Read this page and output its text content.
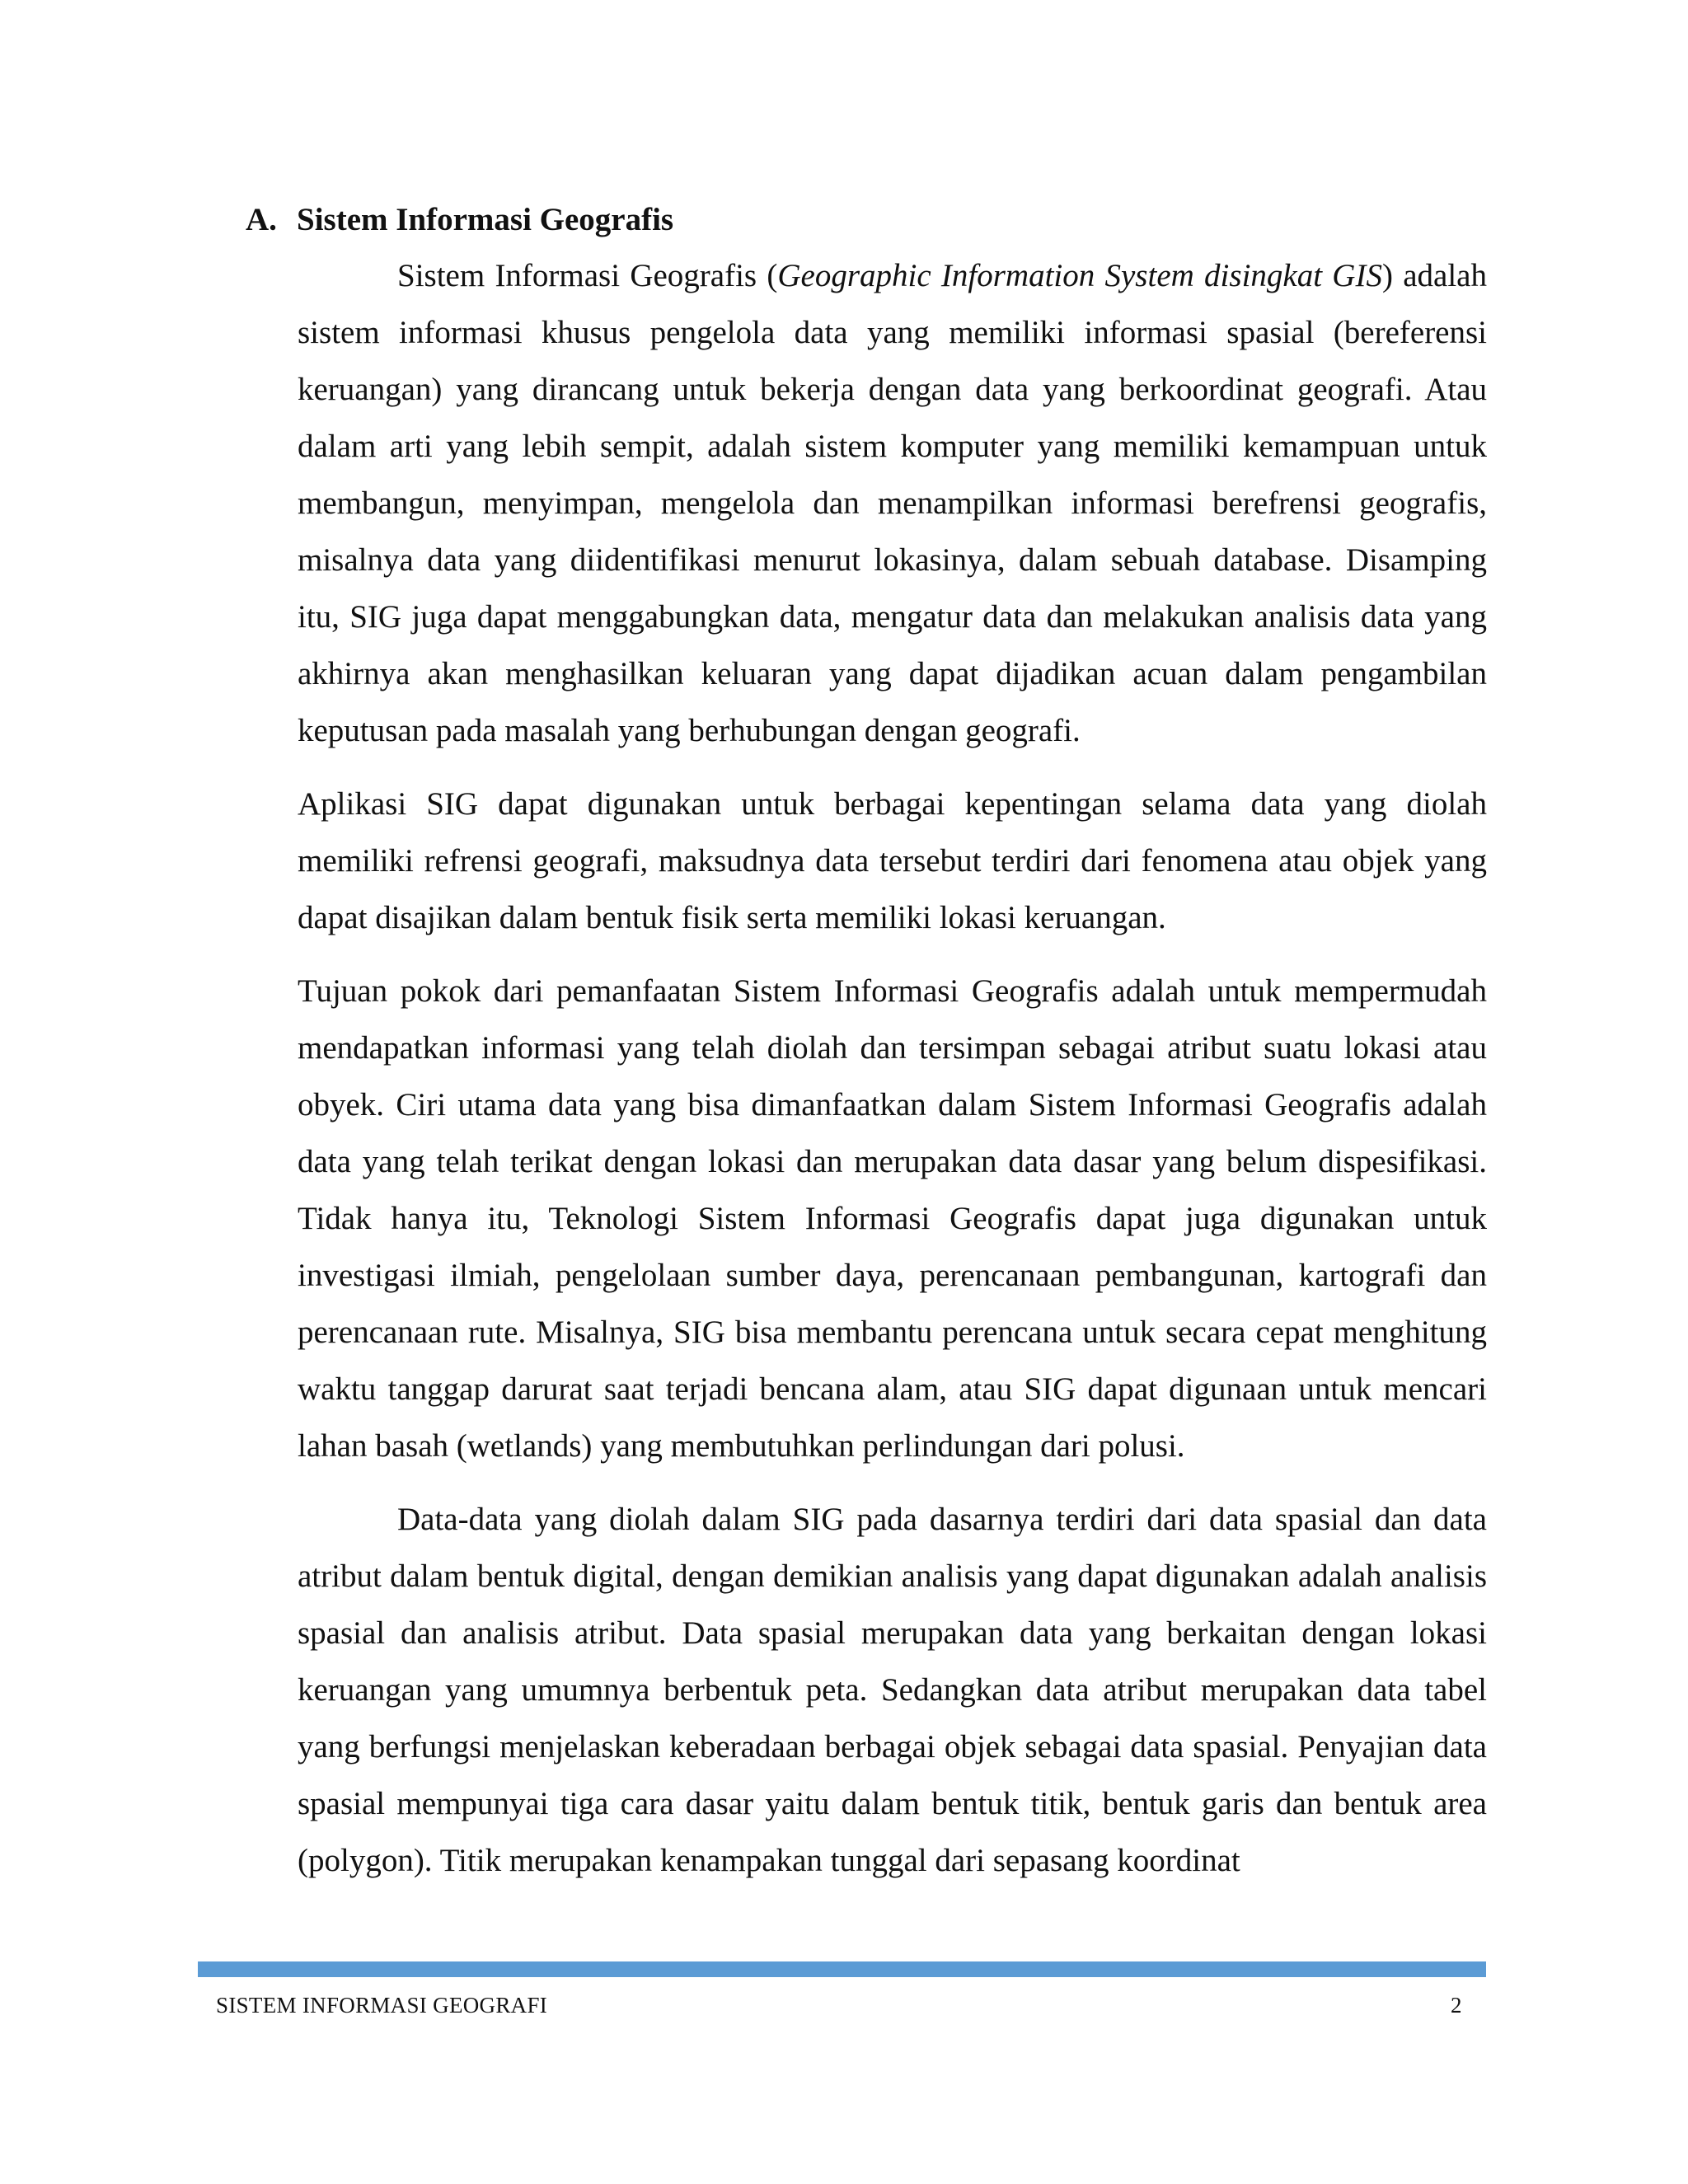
A. Sistem Informasi Geografis

Sistem Informasi Geografis (Geographic Information System disingkat GIS) adalah sistem informasi khusus pengelola data yang memiliki informasi spasial (bereferensi keruangan) yang dirancang untuk bekerja dengan data yang berkoordinat geografi. Atau dalam arti yang lebih sempit, adalah sistem komputer yang memiliki kemampuan untuk membangun, menyimpan, mengelola dan menampilkan informasi berefrensi geografis, misalnya data yang diidentifikasi menurut lokasinya, dalam sebuah database. Disamping itu, SIG juga dapat menggabungkan data, mengatur data dan melakukan analisis data yang akhirnya akan menghasilkan keluaran yang dapat dijadikan acuan dalam pengambilan keputusan pada masalah yang berhubungan dengan geografi.

Aplikasi SIG dapat digunakan untuk berbagai kepentingan selama data yang diolah memiliki refrensi geografi, maksudnya data tersebut terdiri dari fenomena atau objek yang dapat disajikan dalam bentuk fisik serta memiliki lokasi keruangan.

Tujuan pokok dari pemanfaatan Sistem Informasi Geografis adalah untuk mempermudah mendapatkan informasi yang telah diolah dan tersimpan sebagai atribut suatu lokasi atau obyek. Ciri utama data yang bisa dimanfaatkan dalam Sistem Informasi Geografis adalah data yang telah terikat dengan lokasi dan merupakan data dasar yang belum dispesifikasi. Tidak hanya itu, Teknologi Sistem Informasi Geografis dapat juga digunakan untuk investigasi ilmiah, pengelolaan sumber daya, perencanaan pembangunan, kartografi dan perencanaan rute. Misalnya, SIG bisa membantu perencana untuk secara cepat menghitung waktu tanggap darurat saat terjadi bencana alam, atau SIG dapat digunaan untuk mencari lahan basah (wetlands) yang membutuhkan perlindungan dari polusi.

Data-data yang diolah dalam SIG pada dasarnya terdiri dari data spasial dan data atribut dalam bentuk digital, dengan demikian analisis yang dapat digunakan adalah analisis spasial dan analisis atribut. Data spasial merupakan data yang berkaitan dengan lokasi keruangan yang umumnya berbentuk peta. Sedangkan data atribut merupakan data tabel yang berfungsi menjelaskan keberadaan berbagai objek sebagai data spasial. Penyajian data spasial mempunyai tiga cara dasar yaitu dalam bentuk titik, bentuk garis dan bentuk area (polygon). Titik merupakan kenampakan tunggal dari sepasang koordinat

SISTEM INFORMASI GEOGRAFI	2
